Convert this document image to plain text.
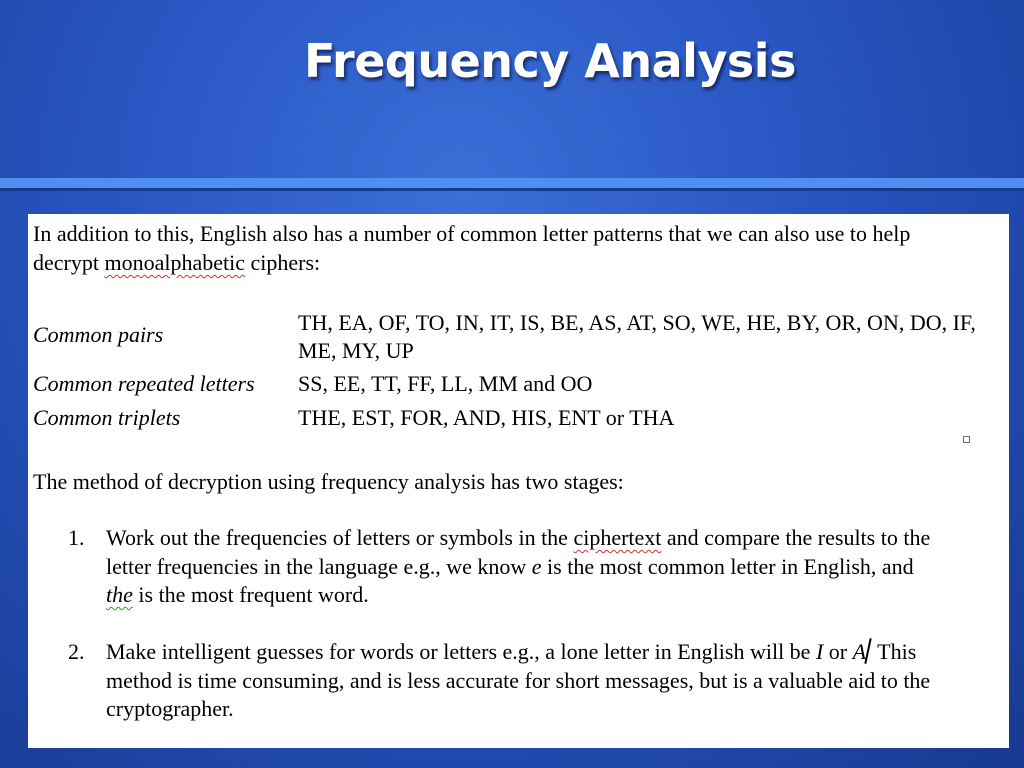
Frequency Analysis
In addition to this, English also has a number of common letter patterns that we can also use to help decrypt monoalphabetic ciphers:
Common pairs	TH, EA, OF, TO, IN, IT, IS, BE, AS, AT, SO, WE, HE, BY, OR, ON, DO, IF, ME, MY, UP
Common repeated letters SS, EE, TT, FF, LL, MM and OO
Common triplets	THE, EST, FOR, AND, HIS, ENT or THA
The method of decryption using frequency analysis has two stages:
1. Work out the frequencies of letters or symbols in the ciphertext and compare the results to the letter frequencies in the language e.g., we know e is the most common letter in English, and the is the most frequent word.
2. Make intelligent guesses for words or letters e.g., a lone letter in English will be I or A This method is time consuming, and is less accurate for short messages, but is a valuable aid to the cryptographer.
